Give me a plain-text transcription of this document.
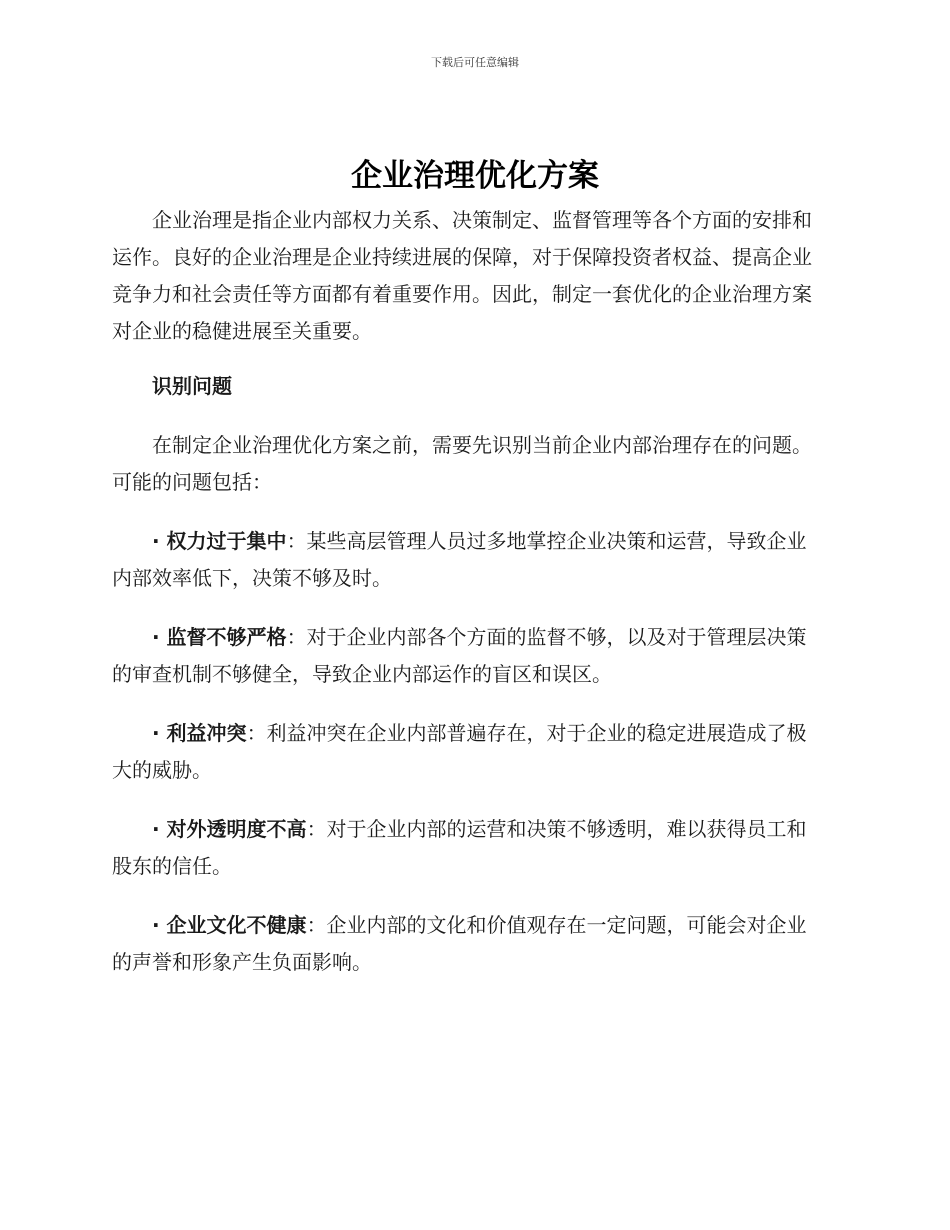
下载后可任意编辑
企业治理优化方案

企业治理是指企业内部权力关系、决策制定、监督管理等各个方面的安排和运作。良好的企业治理是企业持续进展的保障，对于保障投资者权益、提高企业竞争力和社会责任等方面都有着重要作用。因此，制定一套优化的企业治理方案对企业的稳健进展至关重要。

识别问题

在制定企业治理优化方案之前，需要先识别当前企业内部治理存在的问题。可能的问题包括：

· 权力过于集中：某些高层管理人员过多地掌控企业决策和运营，导致企业内部效率低下，决策不够及时。

· 监督不够严格：对于企业内部各个方面的监督不够，以及对于管理层决策的审查机制不够健全，导致企业内部运作的盲区和误区。

· 利益冲突：利益冲突在企业内部普遍存在，对于企业的稳定进展造成了极大的威胁。

· 对外透明度不高：对于企业内部的运营和决策不够透明，难以获得员工和股东的信任。

· 企业文化不健康：企业内部的文化和价值观存在一定问题，可能会对企业的声誉和形象产生负面影响。
